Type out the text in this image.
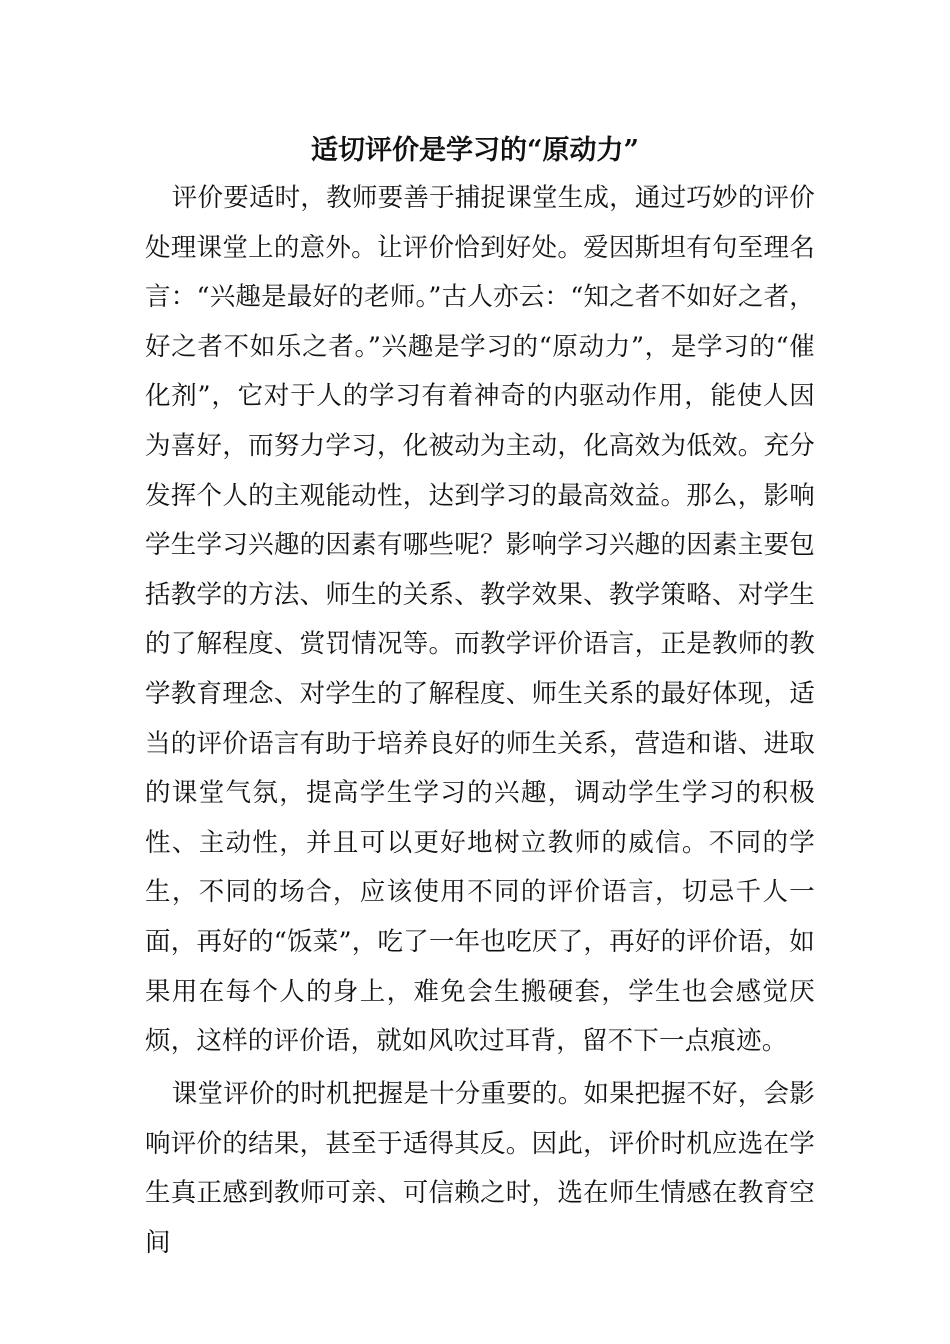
适切评价是学习的“原动力”

评价要适时，教师要善于捕捉课堂生成，通过巧妙的评价处理课堂上的意外。让评价恰到好处。爱因斯坦有句至理名言：“兴趣是最好的老师。”古人亦云：“知之者不如好之者，好之者不如乐之者。”兴趣是学习的“原动力”，是学习的“催化剂”，它对于人的学习有着神奇的内驱动作用，能使人因为喜好，而努力学习，化被动为主动，化高效为低效。充分发挥个人的主观能动性，达到学习的最高效益。那么，影响学生学习兴趣的因素有哪些呢？影响学习兴趣的因素主要包括教学的方法、师生的关系、教学效果、教学策略、对学生的了解程度、赏罚情况等。而教学评价语言，正是教师的教学教育理念、对学生的了解程度、师生关系的最好体现，适当的评价语言有助于培养良好的师生关系，营造和谐、进取的课堂气氛，提高学生学习的兴趣，调动学生学习的积极性、主动性，并且可以更好地树立教师的威信。不同的学生，不同的场合，应该使用不同的评价语言，切忌千人一面，再好的“饭菜”，吃了一年也吃厌了，再好的评价语，如果用在每个人的身上，难免会生搬硬套，学生也会感觉厌烦，这样的评价语，就如风吹过耳背，留不下一点痕迹。

课堂评价的时机把握是十分重要的。如果把握不好，会影响评价的结果，甚至于适得其反。因此，评价时机应选在学生真正感到教师可亲、可信赖之时，选在师生情感在教育空间
